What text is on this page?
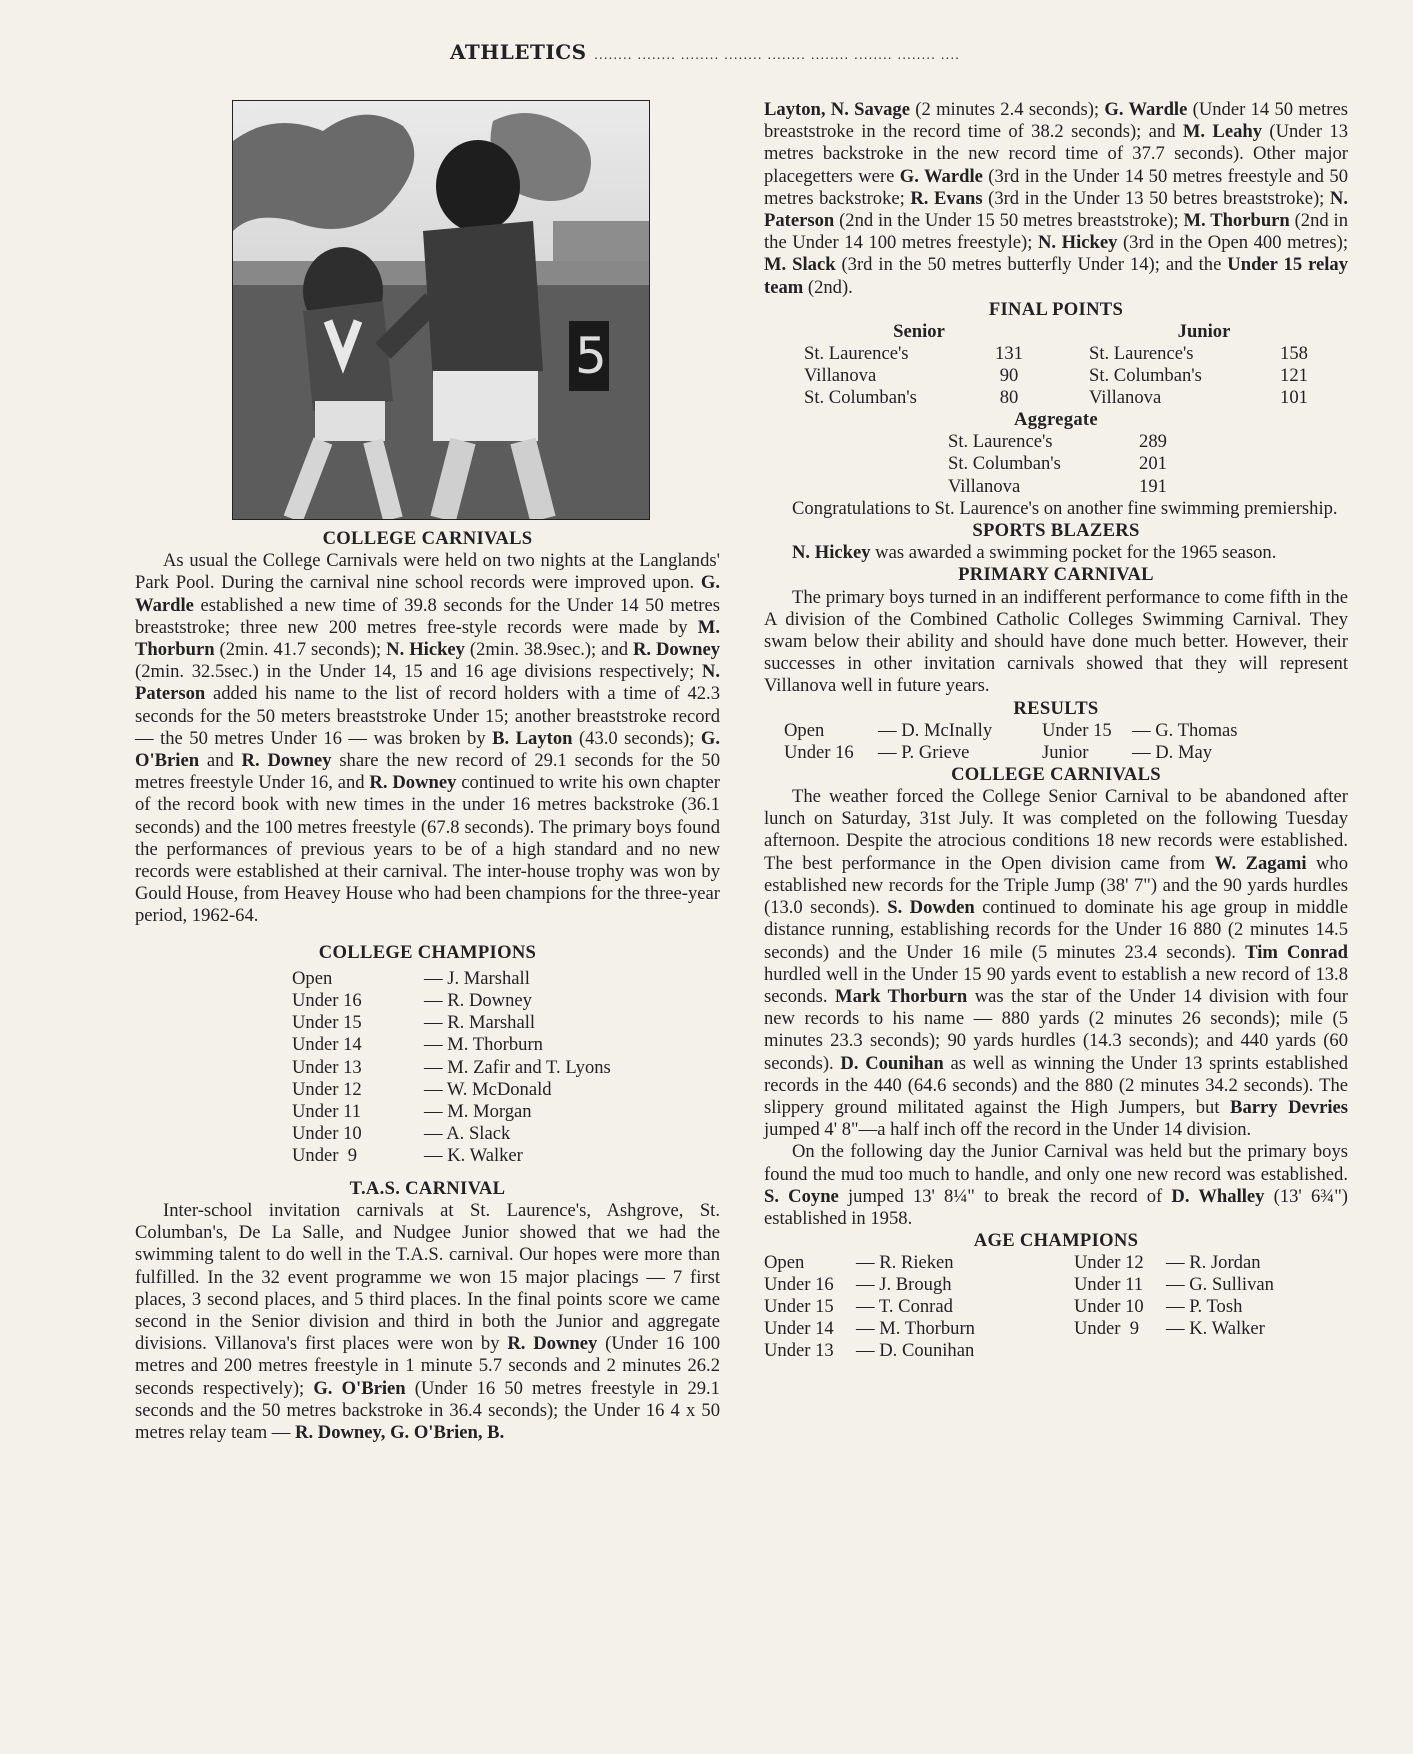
ATHLETICS ........ ........ ........ ........ ........ ........ ........ ........ ....
5

COLLEGE CARNIVALS

As usual the College Carnivals were held on two nights at the Langlands' Park Pool. During the carnival nine school records were improved upon. G. Wardle established a new time of 39.8 seconds for the Under 14 50 metres breaststroke; three new 200 metres free-style records were made by M. Thorburn (2min. 41.7 seconds); N. Hickey (2min. 38.9sec.); and R. Downey (2min. 32.5sec.) in the Under 14, 15 and 16 age divisions respectively; N. Paterson added his name to the list of record holders with a time of 42.3 seconds for the 50 meters breaststroke Under 15; another breaststroke record — the 50 metres Under 16 — was broken by B. Layton (43.0 seconds); G. O'Brien and R. Downey share the new record of 29.1 seconds for the 50 metres freestyle Under 16, and R. Downey continued to write his own chapter of the record book with new times in the under 16 metres backstroke (36.1 seconds) and the 100 metres freestyle (67.8 seconds). The primary boys found the performances of previous years to be of a high standard and no new records were established at their carnival. The inter-house trophy was won by Gould House, from Heavey House who had been champions for the three-year period, 1962-64.

COLLEGE CHAMPIONS

Open	— J. Marshall
Under 16	— R. Downey
Under 15	— R. Marshall
Under 14	— M. Thorburn
Under 13	— M. Zafir and T. Lyons
Under 12	— W. McDonald
Under 11	— M. Morgan
Under 10	— A. Slack
Under  9	— K. Walker

T.A.S. CARNIVAL

Inter-school invitation carnivals at St. Laurence's, Ashgrove, St. Columban's, De La Salle, and Nudgee Junior showed that we had the swimming talent to do well in the T.A.S. carnival. Our hopes were more than fulfilled. In the 32 event programme we won 15 major placings — 7 first places, 3 second places, and 5 third places. In the final points score we came second in the Senior division and third in both the Junior and aggregate divisions. Villanova's first places were won by R. Downey (Under 16 100 metres and 200 metres freestyle in 1 minute 5.7 seconds and 2 minutes 26.2 seconds respectively); G. O'Brien (Under 16 50 metres freestyle in 29.1 seconds and the 50 metres backstroke in 36.4 seconds); the Under 16 4 x 50 metres relay team — R. Downey, G. O'Brien, B.

Layton, N. Savage (2 minutes 2.4 seconds); G. Wardle (Under 14 50 metres breaststroke in the record time of 38.2 seconds); and M. Leahy (Under 13 metres backstroke in the new record time of 37.7 seconds). Other major placegetters were G. Wardle (3rd in the Under 14 50 metres freestyle and 50 metres backstroke; R. Evans (3rd in the Under 13 50 betres breaststroke); N. Paterson (2nd in the Under 15 50 metres breaststroke); M. Thorburn (2nd in the Under 14 100 metres freestyle); N. Hickey (3rd in the Open 400 metres); M. Slack (3rd in the 50 metres butterfly Under 14); and the Under 15 relay team (2nd).

FINAL POINTS

Senior			Junior	
St. Laurence's	131		St. Laurence's	158
Villanova	90		St. Columban's	121
St. Columban's	80		Villanova	101

Aggregate

St. Laurence's	289
St. Columban's	201
Villanova	191

Congratulations to St. Laurence's on another fine swimming premiership.

SPORTS BLAZERS

N. Hickey was awarded a swimming pocket for the 1965 season.

PRIMARY CARNIVAL

The primary boys turned in an indifferent performance to come fifth in the A division of the Combined Catholic Colleges Swimming Carnival. They swam below their ability and should have done much better. However, their successes in other invitation carnivals showed that they will represent Villanova well in future years.

RESULTS

Open	— D. McInally	Under 15	— G. Thomas
Under 16	— P. Grieve	Junior	— D. May

COLLEGE CARNIVALS

The weather forced the College Senior Carnival to be abandoned after lunch on Saturday, 31st July. It was completed on the following Tuesday afternoon. Despite the atrocious conditions 18 new records were established. The best performance in the Open division came from W. Zagami who established new records for the Triple Jump (38' 7") and the 90 yards hurdles (13.0 seconds). S. Dowden continued to dominate his age group in middle distance running, establishing records for the Under 16 880 (2 minutes 14.5 seconds) and the Under 16 mile (5 minutes 23.4 seconds). Tim Conrad hurdled well in the Under 15 90 yards event to establish a new record of 13.8 seconds. Mark Thorburn was the star of the Under 14 division with four new records to his name — 880 yards (2 minutes 26 seconds); mile (5 minutes 23.3 seconds); 90 yards hurdles (14.3 seconds); and 440 yards (60 seconds). D. Counihan as well as winning the Under 13 sprints established records in the 440 (64.6 seconds) and the 880 (2 minutes 34.2 seconds). The slippery ground militated against the High Jumpers, but Barry Devries jumped 4' 8"—a half inch off the record in the Under 14 division.

On the following day the Junior Carnival was held but the primary boys found the mud too much to handle, and only one new record was established. S. Coyne jumped 13' 8¼" to break the record of D. Whalley (13' 6¾") established in 1958.

AGE CHAMPIONS

Open	— R. Rieken	Under 12	— R. Jordan
Under 16	— J. Brough	Under 11	— G. Sullivan
Under 15	— T. Conrad	Under 10	— P. Tosh
Under 14	— M. Thorburn	Under  9	— K. Walker
Under 13	— D. Counihan		
